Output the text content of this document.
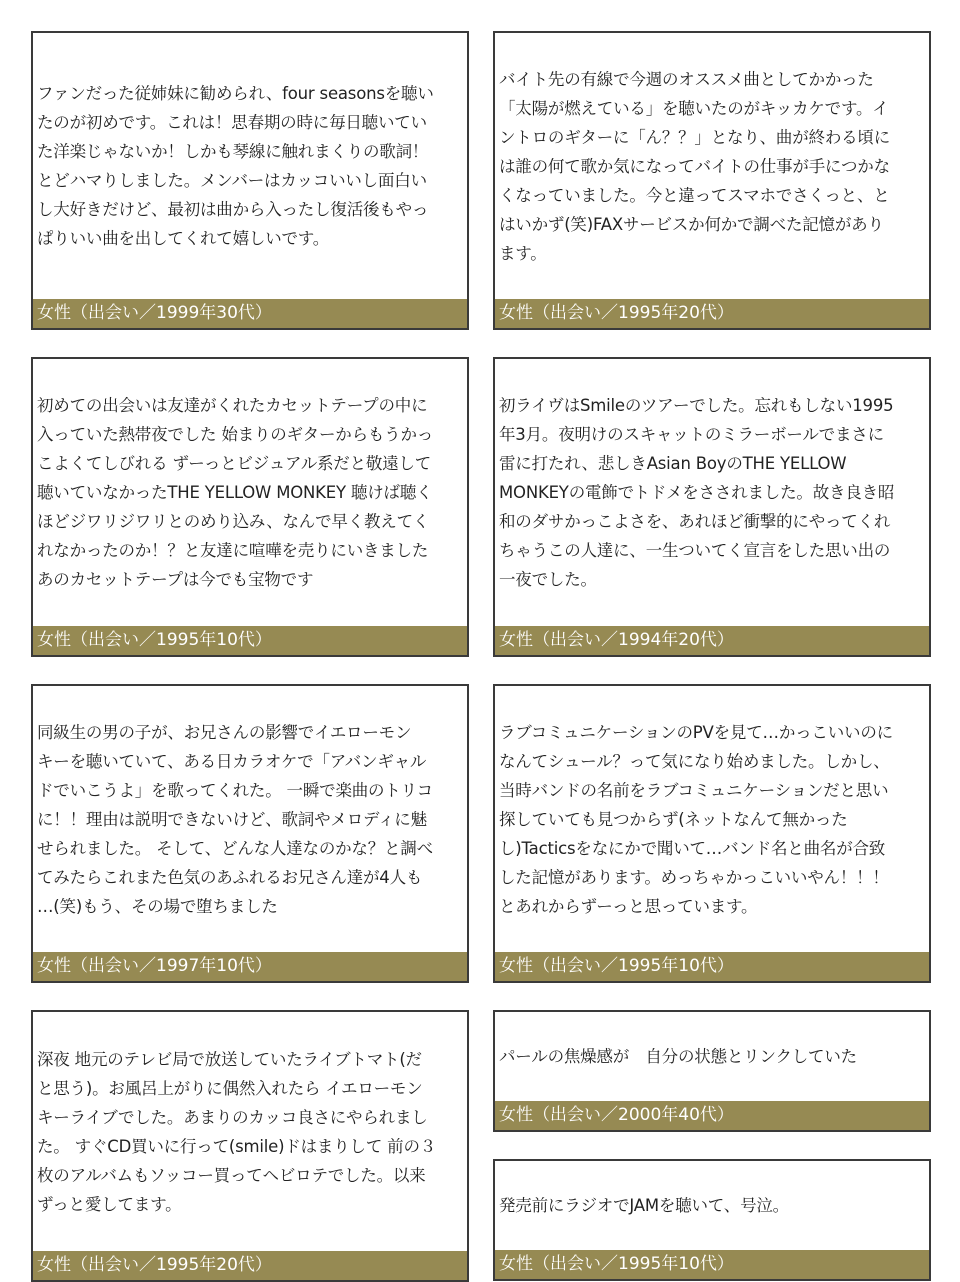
ファンだった従姉妹に勧められ、four seasonsを聴い
たのが初めです。これは！思春期の時に毎日聴いてい
た洋楽じゃないか！しかも琴線に触れまくりの歌詞！
とどハマりしました。メンバーはカッコいいし面白い
し大好きだけど、最初は曲から入ったし復活後もやっ
ぱりいい曲を出してくれて嬉しいです。
女性（出会い／1999年30代）
バイト先の有線で今週のオススメ曲としてかかった
「太陽が燃えている」を聴いたのがキッカケです。イ
ントロのギターに「ん？？」となり、曲が終わる頃に
は誰の何て歌か気になってバイトの仕事が手につかな
くなっていました。今と違ってスマホでさくっと、と
はいかず(笑)FAXサービスか何かで調べた記憶があり
ます。
女性（出会い／1995年20代）
初めての出会いは友達がくれたカセットテープの中に
入っていた熱帯夜でした 始まりのギターからもうかっ
こよくてしびれる ずーっとビジュアル系だと敬遠して
聴いていなかったTHE YELLOW MONKEY 聴けば聴く
ほどジワリジワリとのめり込み、なんで早く教えてく
れなかったのか！？と友達に喧嘩を売りにいきました
あのカセットテープは今でも宝物です
女性（出会い／1995年10代）
初ライヴはSmileのツアーでした。忘れもしない1995
年3月。夜明けのスキャットのミラーボールでまさに
雷に打たれ、悲しきAsian BoyのTHE YELLOW
MONKEYの電飾でトドメをさされました。故き良き昭
和のダサかっこよさを、あれほど衝撃的にやってくれ
ちゃうこの人達に、一生ついてく宣言をした思い出の
一夜でした。
女性（出会い／1994年20代）
同級生の男の子が、お兄さんの影響でイエローモン
キーを聴いていて、ある日カラオケで「アバンギャル
ドでいこうよ」を歌ってくれた。 一瞬で楽曲のトリコ
に！！理由は説明できないけど、歌詞やメロディに魅
せられました。 そして、どんな人達なのかな？と調べ
てみたらこれまた色気のあふれるお兄さん達が4人も
…(笑)もう、その場で堕ちました
女性（出会い／1997年10代）
ラブコミュニケーションのPVを見て…かっこいいのに
なんてシュール？って気になり始めました。しかし、
当時バンドの名前をラブコミュニケーションだと思い
探していても見つからず(ネットなんて無かった
し)Tacticsをなにかで聞いて…バンド名と曲名が合致
した記憶があります。めっちゃかっこいいやん！！！
とあれからずーっと思っています。
女性（出会い／1995年10代）
深夜 地元のテレビ局で放送していたライブトマト(だ
と思う)。お風呂上がりに偶然入れたら イエローモン
キーライブでした。あまりのカッコ良さにやられまし
た。 すぐCD買いに行って(smile)ドはまりして 前の３
枚のアルバムもソッコー買ってヘビロテでした。以来
ずっと愛してます。
女性（出会い／1995年20代）
パールの焦燥感が　自分の状態とリンクしていた
女性（出会い／2000年40代）
発売前にラジオでJAMを聴いて、号泣。
女性（出会い／1995年10代）
